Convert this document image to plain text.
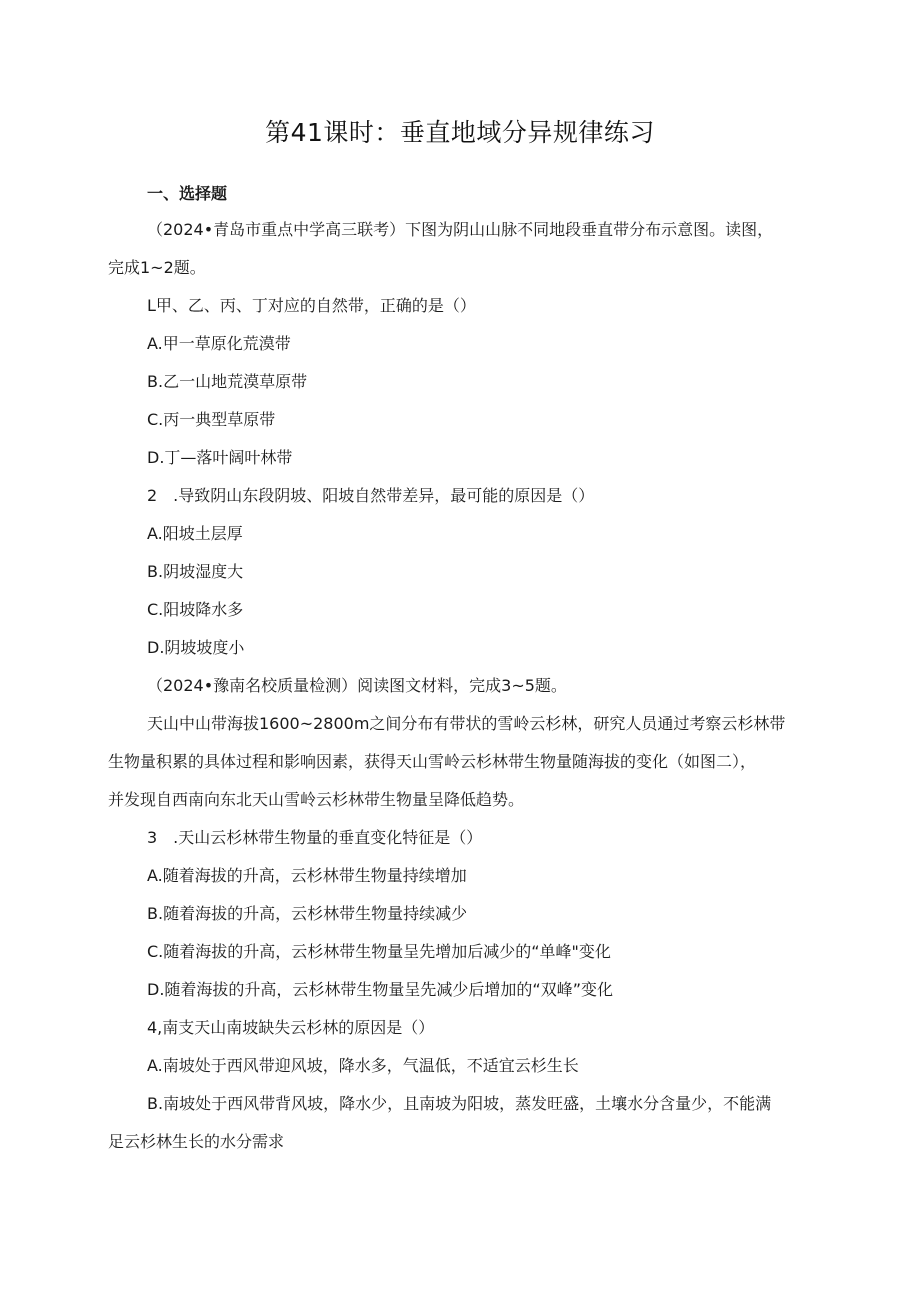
第41课时：垂直地域分异规律练习
一、选择题
（2024•青岛市重点中学高三联考）下图为阴山山脉不同地段垂直带分布示意图。读图，
完成1~2题。
L甲、乙、丙、丁对应的自然带，正确的是（）
A.甲一草原化荒漠带
B.乙一山地荒漠草原带
C.丙一典型草原带
D.丁—落叶阔叶林带
2　.导致阴山东段阴坡、阳坡自然带差异，最可能的原因是（）
A.阳坡土层厚
B.阴坡湿度大
C.阳坡降水多
D.阴坡坡度小
（2024•豫南名校质量检测）阅读图文材料，完成3~5题。
天山中山带海拔1600~2800m之间分布有带状的雪岭云杉林，研究人员通过考察云杉林带
生物量积累的具体过程和影响因素，获得天山雪岭云杉林带生物量随海拔的变化（如图二），
并发现自西南向东北天山雪岭云杉林带生物量呈降低趋势。
3　.天山云杉林带生物量的垂直变化特征是（）
A.随着海拔的升高，云杉林带生物量持续增加
B.随着海拔的升高，云杉林带生物量持续减少
C.随着海拔的升高，云杉林带生物量呈先增加后减少的“单峰"变化
D.随着海拔的升高，云杉林带生物量呈先减少后增加的“双峰”变化
4,南支天山南坡缺失云杉林的原因是（）
A.南坡处于西风带迎风坡，降水多，气温低，不适宜云杉生长
B.南坡处于西风带背风坡，降水少，且南坡为阳坡，蒸发旺盛，土壤水分含量少，不能满
足云杉林生长的水分需求
